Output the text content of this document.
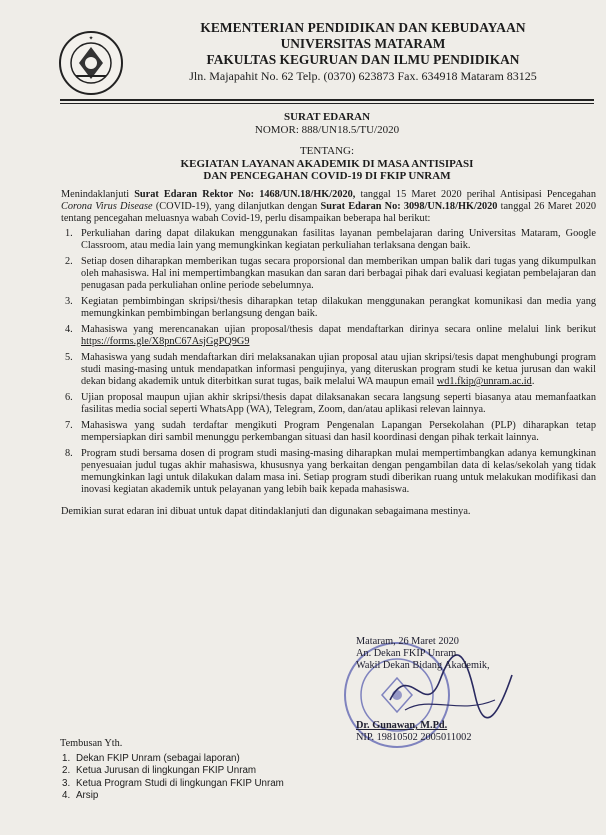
✦
KEMENTERIAN PENDIDIKAN DAN KEBUDAYAAN
UNIVERSITAS MATARAM
FAKULTAS KEGURUAN DAN ILMU PENDIDIKAN
Jln. Majapahit No. 62 Telp. (0370) 623873 Fax. 634918 Mataram 83125
SURAT EDARAN
NOMOR: 888/UN18.5/TU/2020
TENTANG:
KEGIATAN LAYANAN AKADEMIK DI MASA ANTISIPASI
DAN PENCEGAHAN COVID-19 DI FKIP UNRAM

Menindaklanjuti Surat Edaran Rektor No: 1468/UN.18/HK/2020, tanggal 15 Maret 2020 perihal Antisipasi Pencegahan Corona Virus Disease (COVID-19), yang dilanjutkan dengan Surat Edaran No: 3098/UN.18/HK/2020 tanggal 26 Maret 2020 tentang pencegahan meluasnya wabah Covid-19, perlu disampaikan beberapa hal berikut:

1. Perkuliahan daring dapat dilakukan menggunakan fasilitas layanan pembelajaran daring Universitas Mataram, Google Classroom, atau media lain yang memungkinkan kegiatan perkuliahan terlaksana dengan baik.
2. Setiap dosen diharapkan memberikan tugas secara proporsional dan memberikan umpan balik dari tugas yang dikumpulkan oleh mahasiswa. Hal ini mempertimbangkan masukan dan saran dari berbagai pihak dari evaluasi kegiatan pembelajaran dan penugasan pada perkuliahan online periode sebelumnya.
3. Kegiatan pembimbingan skripsi/thesis diharapkan tetap dilakukan menggunakan perangkat komunikasi dan media yang memungkinkan pembimbingan berlangsung dengan baik.
4. Mahasiswa yang merencanakan ujian proposal/thesis dapat mendaftarkan dirinya secara online melalui link berikut https://forms.gle/X8pnC67AsjGgPQ9G9
5. Mahasiswa yang sudah mendaftarkan diri melaksanakan ujian proposal atau ujian skripsi/tesis dapat menghubungi program studi masing-masing untuk mendapatkan informasi pengujinya, yang diteruskan program studi ke ketua jurusan dan wakil dekan bidang akademik untuk diterbitkan surat tugas, baik melalui WA maupun email wd1.fkip@unram.ac.id.
6. Ujian proposal maupun ujian akhir skripsi/thesis dapat dilaksanakan secara langsung seperti biasanya atau memanfaatkan fasilitas media social seperti WhatsApp (WA), Telegram, Zoom, dan/atau aplikasi relevan lainnya.
7. Mahasiswa yang sudah terdaftar mengikuti Program Pengenalan Lapangan Persekolahan (PLP) diharapkan tetap mempersiapkan diri sambil menunggu perkembangan situasi dan hasil koordinasi dengan pihak terkait lainnya.
8. Program studi bersama dosen di program studi masing-masing diharapkan mulai mempertimbangkan adanya kemungkinan penyesuaian judul tugas akhir mahasiswa, khususnya yang berkaitan dengan pengambilan data di kelas/sekolah yang tidak memungkinkan lagi untuk dilakukan dalam masa ini. Setiap program studi diberikan ruang untuk melakukan modifikasi dan inovasi kegiatan akademik untuk pelayanan yang lebih baik kepada mahasiswa.
Demikian surat edaran ini dibuat untuk dapat ditindaklanjuti dan digunakan sebagaimana mestinya.
Mataram, 26 Maret 2020
An. Dekan FKIP Unram
Wakil Dekan Bidang Akademik,
Dr. Gunawan, M.Pd.
NIP. 19810502 2005011002
Tembusan Yth.
1. Dekan FKIP Unram (sebagai laporan)
2. Ketua Jurusan di lingkungan FKIP Unram
3. Ketua Program Studi di lingkungan FKIP Unram
4. Arsip
